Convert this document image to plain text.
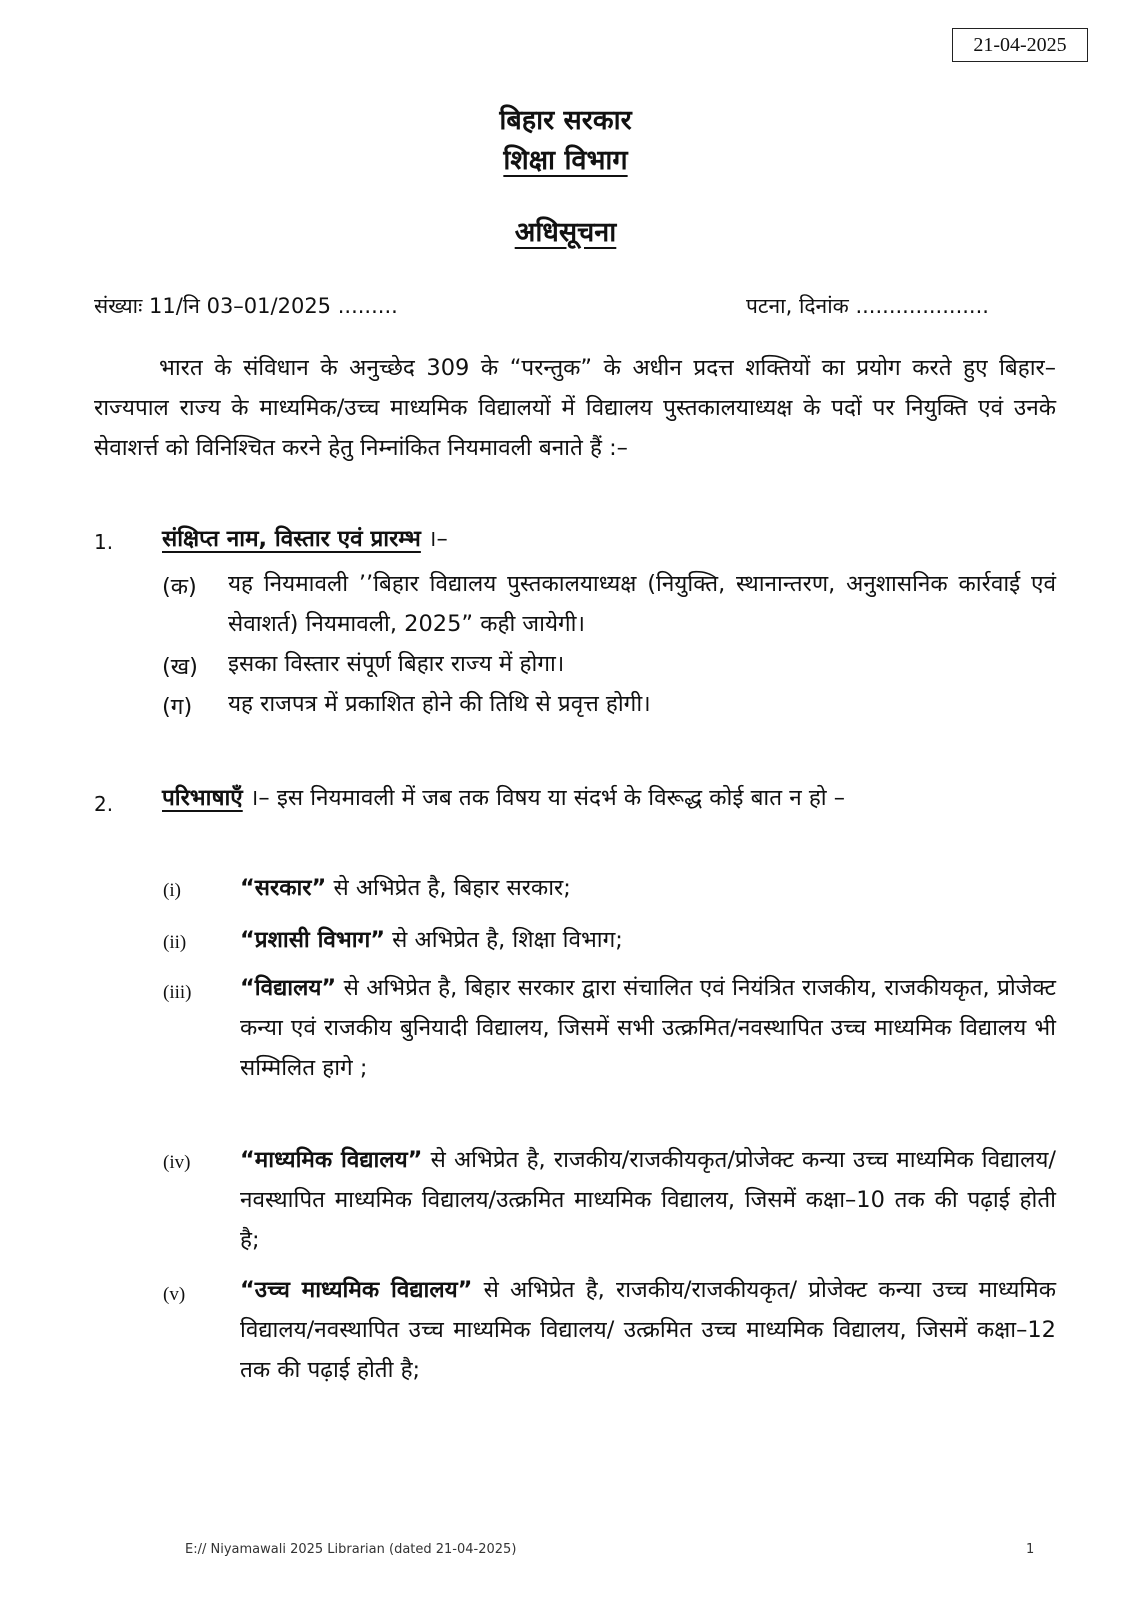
21-04-2025
बिहार सरकार
शिक्षा विभाग
अधिसूचना
संख्याः 11/नि 03–01/2025 .........	पटना, दिनांक ....................

भारत के संविधान के अनुच्छेद 309 के “परन्तुक” के अधीन प्रदत्त शक्तियों का प्रयोग करते हुए बिहार–राज्यपाल राज्य के माध्यमिक/उच्च माध्यमिक विद्यालयों में विद्यालय पुस्तकालयाध्यक्ष के पदों पर नियुक्ति एवं उनके सेवाशर्त्त को विनिश्चित करने हेतु निम्नांकित नियमावली बनाते हैं :–

1. संक्षिप्त नाम, विस्तार एवं प्रारम्भ ।–
(क) यह नियमावली ’’बिहार विद्यालय पुस्तकालयाध्यक्ष (नियुक्ति, स्थानान्तरण, अनुशासनिक कार्रवाई एवं सेवाशर्त) नियमावली, 2025” कही जायेगी।

(ख) इसका विस्तार संपूर्ण बिहार राज्य में होगा।

(ग) यह राजपत्र में प्रकाशित होने की तिथि से प्रवृत्त होगी।

2. परिभाषाएँ ।– इस नियमावली में जब तक विषय या संदर्भ के विरूद्ध कोई बात न हो –

(i)	“सरकार” से अभिप्रेत है, बिहार सरकार;

(ii) “प्रशासी विभाग” से अभिप्रेत है, शिक्षा विभाग;

(iii) “विद्यालय” से अभिप्रेत है, बिहार सरकार द्वारा संचालित एवं नियंत्रित राजकीय, राजकीयकृत, प्रोजेक्ट कन्या एवं राजकीय बुनियादी विद्यालय, जिसमें सभी उत्क्रमित/नवस्थापित उच्च माध्यमिक विद्यालय भी सम्मिलित हागे ;

(iv) “माध्यमिक विद्यालय” से अभिप्रेत है, राजकीय/राजकीयकृत/प्रोजेक्ट कन्या उच्च माध्यमिक विद्यालय/नवस्थापित माध्यमिक विद्यालय/उत्क्रमित माध्यमिक विद्यालय, जिसमें कक्षा–10 तक की पढ़ाई होती है;

(v) “उच्च माध्यमिक विद्यालय” से अभिप्रेत है, राजकीय/राजकीयकृत/ प्रोजेक्ट कन्या उच्च माध्यमिक विद्यालय/नवस्थापित उच्च माध्यमिक विद्यालय/ उत्क्रमित उच्च माध्यमिक विद्यालय, जिसमें कक्षा–12 तक की पढ़ाई होती है;

E:// Niyamawali 2025 Librarian (dated 21-04-2025)	1
